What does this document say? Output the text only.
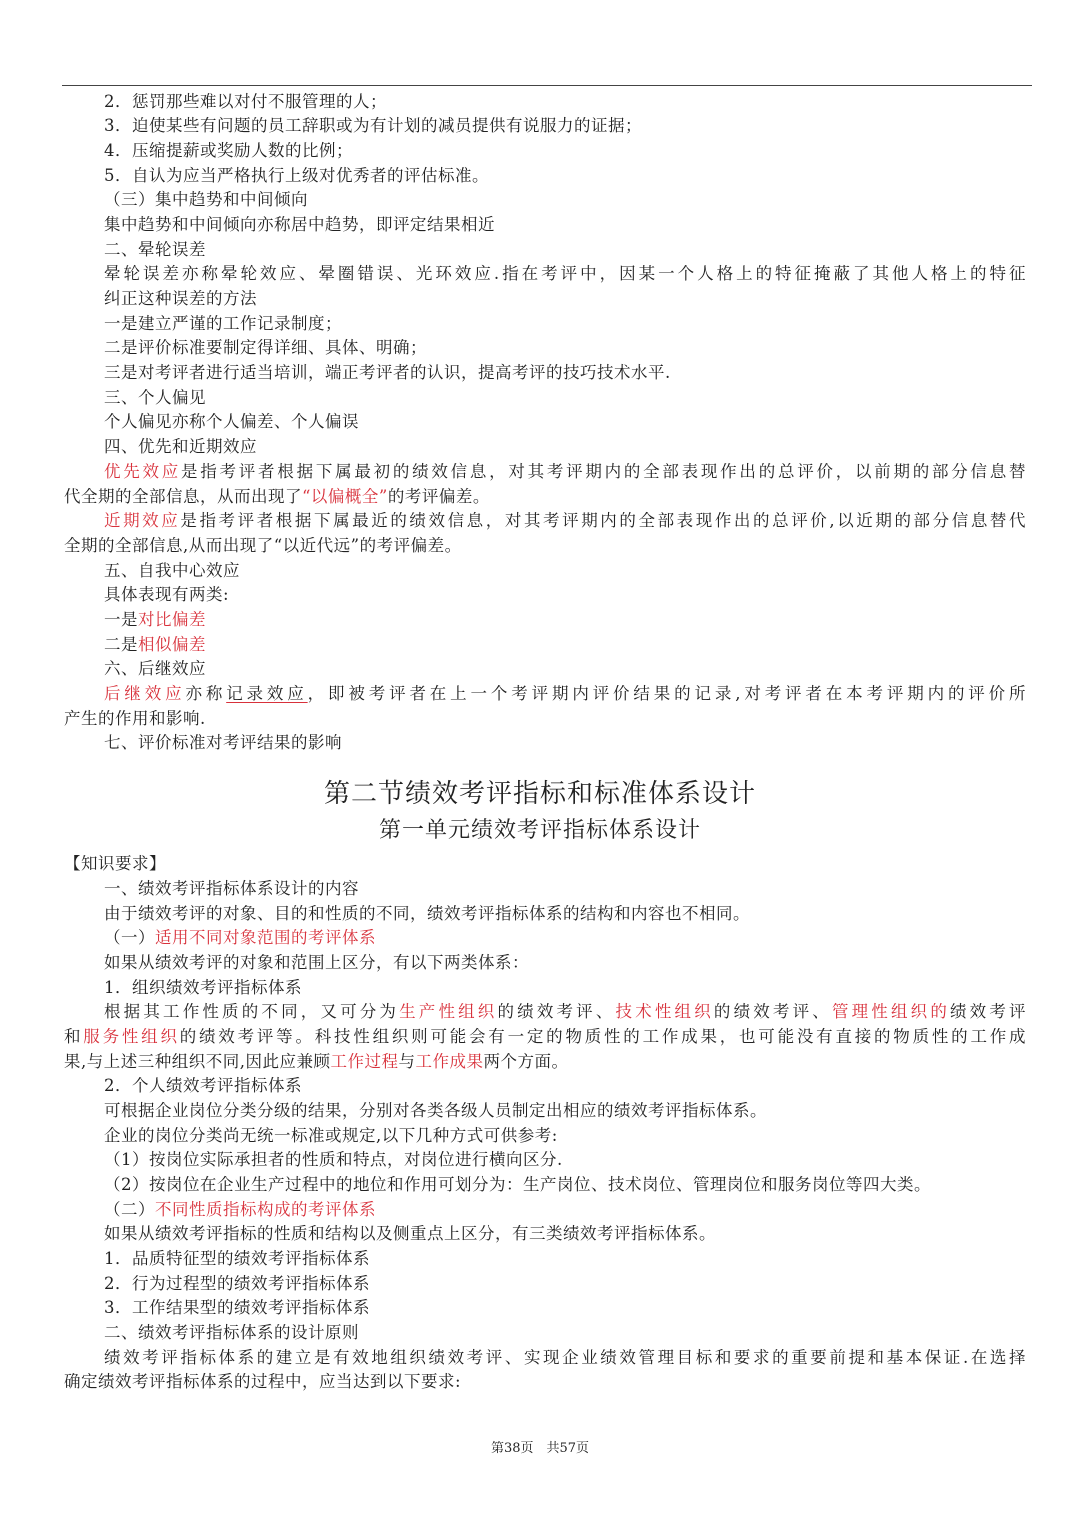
2．惩罚那些难以对付不服管理的人；
3．迫使某些有问题的员工辞职或为有计划的减员提供有说服力的证据；
4．压缩提薪或奖励人数的比例；
5．自认为应当严格执行上级对优秀者的评估标准。
（三）集中趋势和中间倾向
集中趋势和中间倾向亦称居中趋势，即评定结果相近
二、晕轮误差
晕轮误差亦称晕轮效应、晕圈错误、光环效应.指在考评中，因某一个人格上的特征掩蔽了其他人格上的特征
纠正这种误差的方法
一是建立严谨的工作记录制度；
二是评价标准要制定得详细、具体、明确；
三是对考评者进行适当培训，端正考评者的认识，提高考评的技巧技术水平.
三、个人偏见
个人偏见亦称个人偏差、个人偏误
四、优先和近期效应
优先效应是指考评者根据下属最初的绩效信息，对其考评期内的全部表现作出的总评价，以前期的部分信息替
代全期的全部信息，从而出现了“以偏概全”的考评偏差。
近期效应是指考评者根据下属最近的绩效信息，对其考评期内的全部表现作出的总评价,以近期的部分信息替代
全期的全部信息,从而出现了“以近代远”的考评偏差。
五、自我中心效应
具体表现有两类:
一是对比偏差
二是相似偏差
六、后继效应
后继效应亦称记录效应，即被考评者在上一个考评期内评价结果的记录,对考评者在本考评期内的评价所
产生的作用和影响.
七、评价标准对考评结果的影响
第二节绩效考评指标和标准体系设计
第一单元绩效考评指标体系设计
【知识要求】
一、绩效考评指标体系设计的内容
由于绩效考评的对象、目的和性质的不同，绩效考评指标体系的结构和内容也不相同。
（一）适用不同对象范围的考评体系
如果从绩效考评的对象和范围上区分，有以下两类体系：
1．组织绩效考评指标体系
根据其工作性质的不同，又可分为生产性组织的绩效考评、技术性组织的绩效考评、管理性组织的绩效考评
和服务性组织的绩效考评等。科技性组织则可能会有一定的物质性的工作成果，也可能没有直接的物质性的工作成
果,与上述三种组织不同,因此应兼顾工作过程与工作成果两个方面。
2．个人绩效考评指标体系
可根据企业岗位分类分级的结果，分别对各类各级人员制定出相应的绩效考评指标体系。
企业的岗位分类尚无统一标准或规定,以下几种方式可供参考:
（1）按岗位实际承担者的性质和特点，对岗位进行横向区分.
（2）按岗位在企业生产过程中的地位和作用可划分为：生产岗位、技术岗位、管理岗位和服务岗位等四大类。
（二）不同性质指标构成的考评体系
如果从绩效考评指标的性质和结构以及侧重点上区分，有三类绩效考评指标体系。
1．品质特征型的绩效考评指标体系
2．行为过程型的绩效考评指标体系
3．工作结果型的绩效考评指标体系
二、绩效考评指标体系的设计原则
绩效考评指标体系的建立是有效地组织绩效考评、实现企业绩效管理目标和要求的重要前提和基本保证.在选择
确定绩效考评指标体系的过程中，应当达到以下要求:
第38页　共57页
